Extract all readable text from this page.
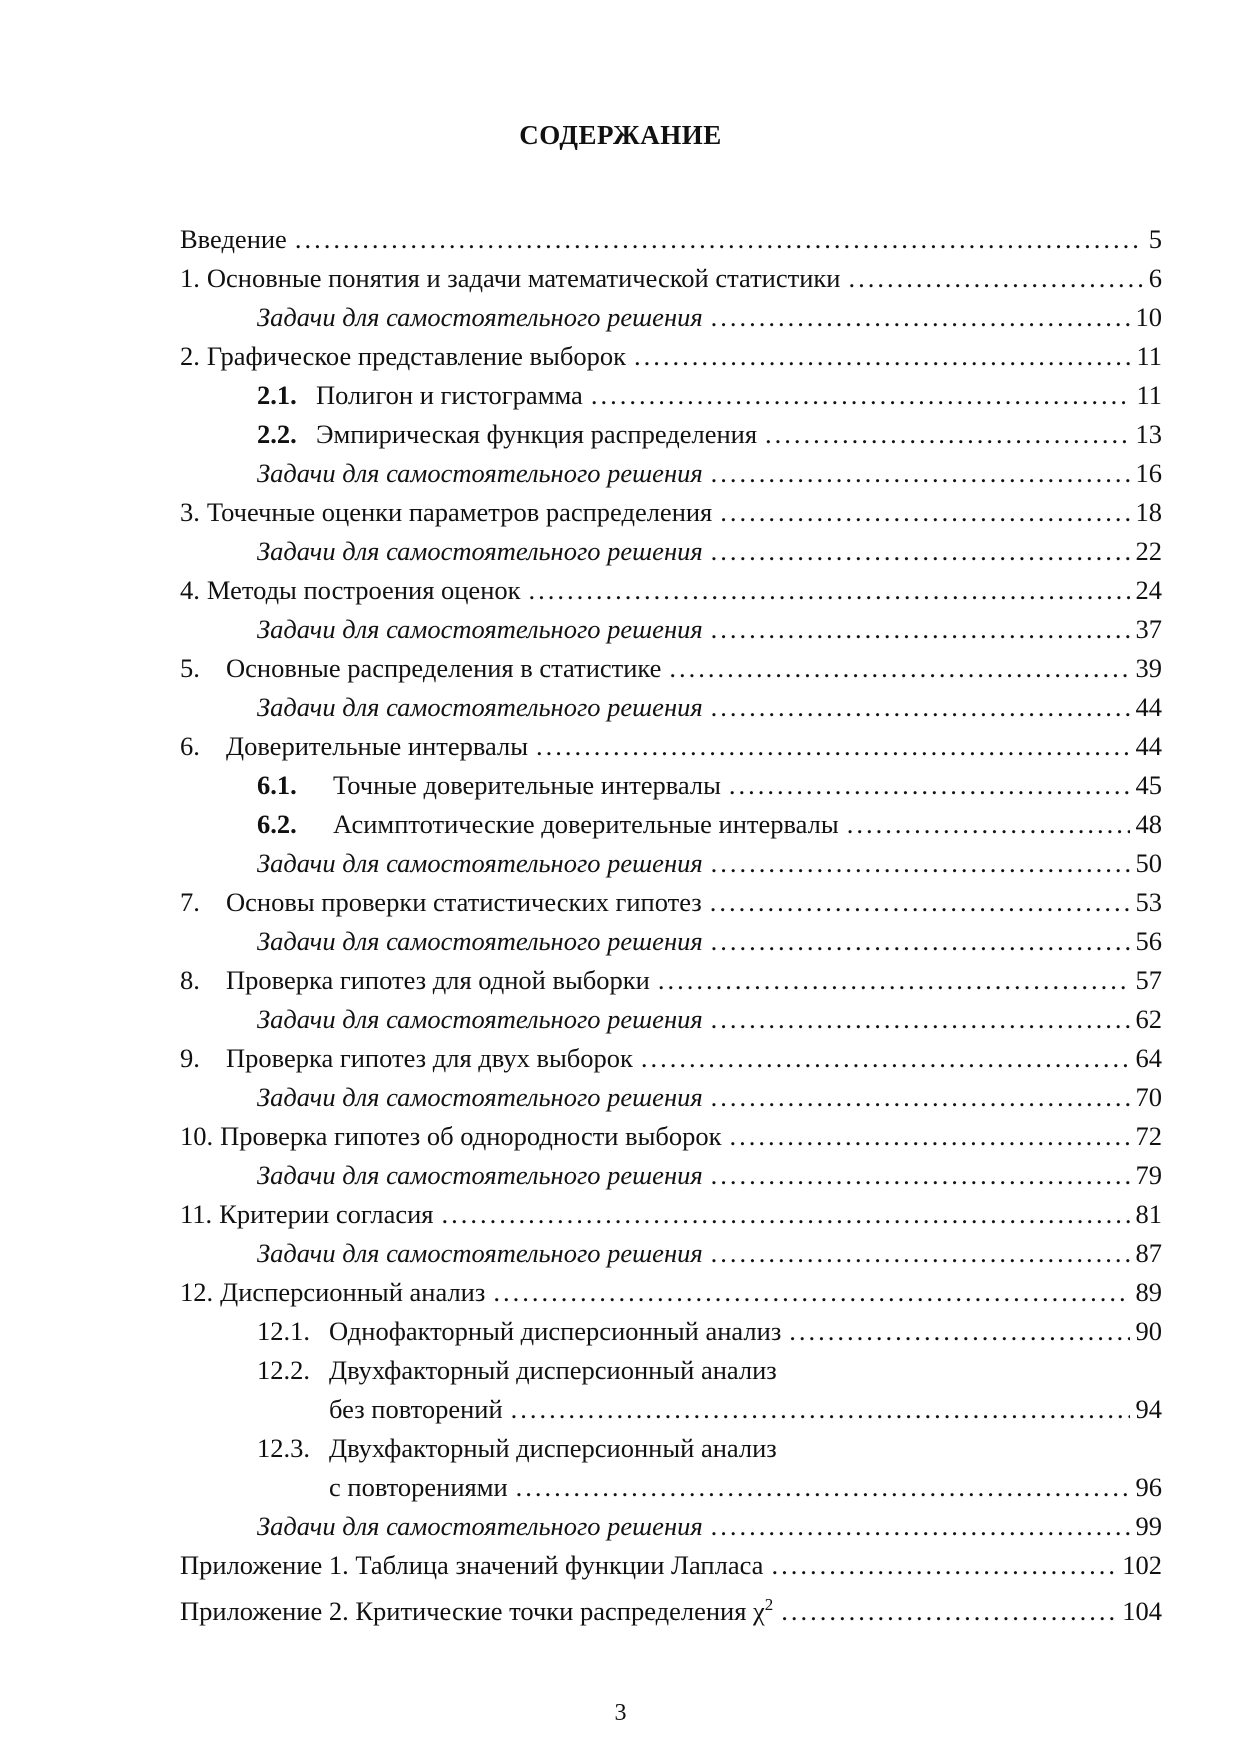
СОДЕРЖАНИЕ
Введение .....	5
1. Основные понятия и задачи математической статистики .....	6
Задачи для самостоятельного решения .....	10
2. Графическое представление выборок .....	11
2.1. Полигон и гистограмма .....	11
2.2. Эмпирическая функция распределения .....	13
Задачи для самостоятельного решения .....	16
3. Точечные оценки параметров распределения .....	18
Задачи для самостоятельного решения .....	22
4. Методы построения оценок .....	24
Задачи для самостоятельного решения .....	37
5. Основные распределения в статистике .....	39
Задачи для самостоятельного решения .....	44
6. Доверительные интервалы .....	44
6.1.	Точные доверительные интервалы .....	45
6.2.	Асимптотические доверительные интервалы .....	48
Задачи для самостоятельного решения .....	50
7. Основы проверки статистических гипотез .....	53
Задачи для самостоятельного решения .....	56
8. Проверка гипотез для одной выборки .....	57
Задачи для самостоятельного решения .....	62
9. Проверка гипотез для двух выборок .....	64
Задачи для самостоятельного решения .....	70
10. Проверка гипотез об однородности выборок .....	72
Задачи для самостоятельного решения .....	79
11. Критерии согласия .....	81
Задачи для самостоятельного решения .....	87
12. Дисперсионный анализ .....	89
12.1. Однофакторный дисперсионный анализ .....	90
12.2. Двухфакторный дисперсионный анализ
без повторений .....	94
12.3. Двухфакторный дисперсионный анализ
с повторениями .....	96
Задачи для самостоятельного решения .....	99
Приложение 1. Таблица значений функции Лапласа .....	102
Приложение 2. Критические точки распределения $\chi^2$ .....	104
3
